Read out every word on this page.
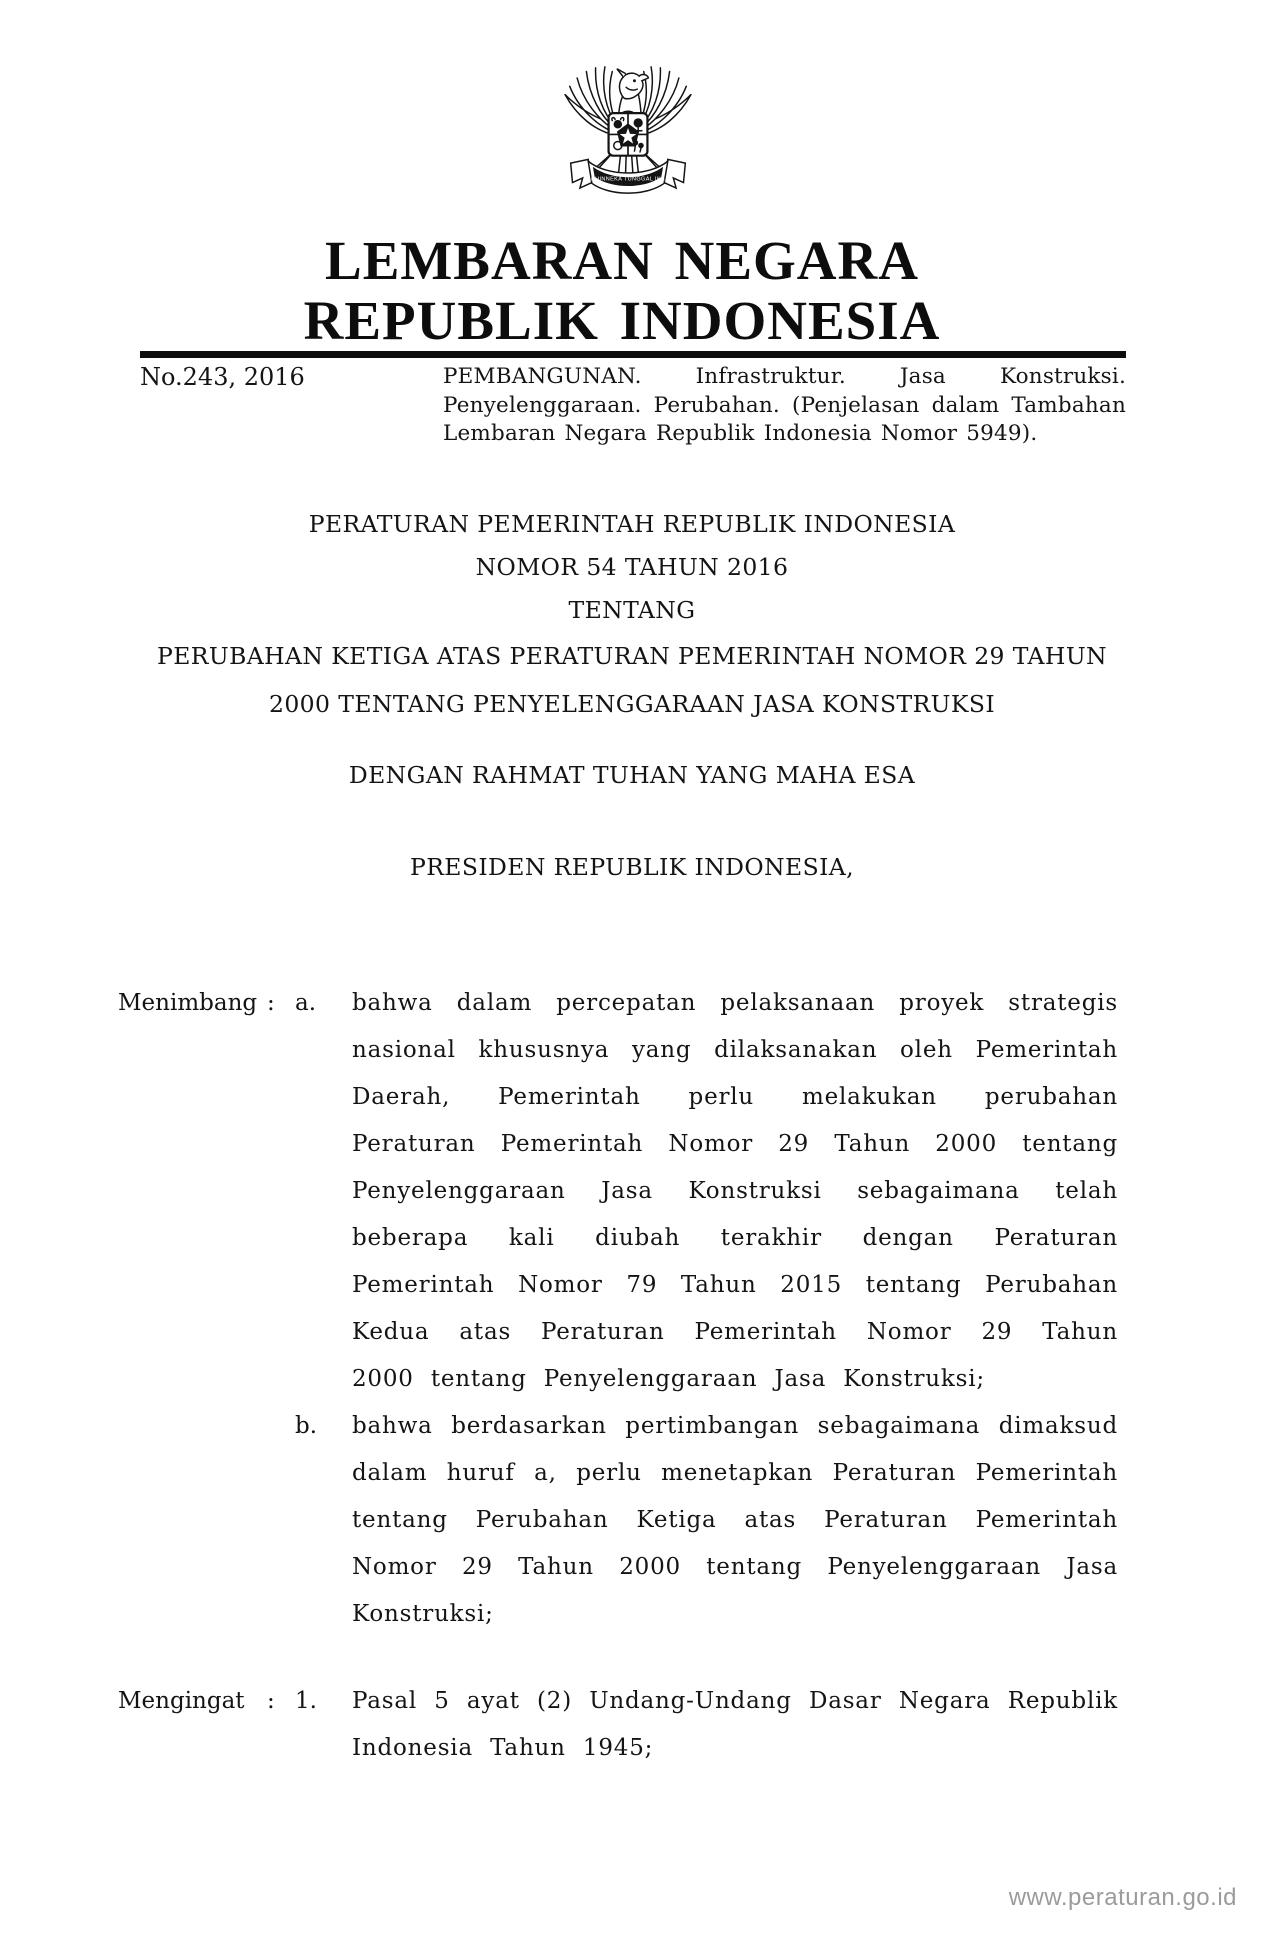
BHINNEKA TUNGGAL IKA
LEMBARAN NEGARA
REPUBLIK INDONESIA
No.243, 2016	PEMBANGUNAN. Infrastruktur. Jasa Konstruksi. Penyelenggaraan. Perubahan. (Penjelasan dalam Tambahan Lembaran Negara Republik Indonesia Nomor 5949).
PERATURAN PEMERINTAH REPUBLIK INDONESIA
NOMOR 54 TAHUN 2016
TENTANG
PERUBAHAN KETIGA ATAS PERATURAN PEMERINTAH NOMOR 29 TAHUN 2000 TENTANG PENYELENGGARAAN JASA KONSTRUKSI
DENGAN RAHMAT TUHAN YANG MAHA ESA
PRESIDEN REPUBLIK INDONESIA,
Menimbang : a.	bahwa dalam percepatan pelaksanaan proyek strategis nasional khususnya yang dilaksanakan oleh Pemerintah Daerah, Pemerintah perlu melakukan perubahan Peraturan Pemerintah Nomor 29 Tahun 2000 tentang Penyelenggaraan Jasa Konstruksi sebagaimana telah beberapa kali diubah terakhir dengan Peraturan Pemerintah Nomor 79 Tahun 2015 tentang Perubahan Kedua atas Peraturan Pemerintah Nomor 29 Tahun 2000 tentang Penyelenggaraan Jasa Konstruksi;
b.	bahwa berdasarkan pertimbangan sebagaimana dimaksud dalam huruf a, perlu menetapkan Peraturan Pemerintah tentang Perubahan Ketiga atas Peraturan Pemerintah Nomor 29 Tahun 2000 tentang Penyelenggaraan Jasa Konstruksi;
Mengingat : 1.	Pasal 5 ayat (2) Undang-Undang Dasar Negara Republik Indonesia Tahun 1945;
www.peraturan.go.id
